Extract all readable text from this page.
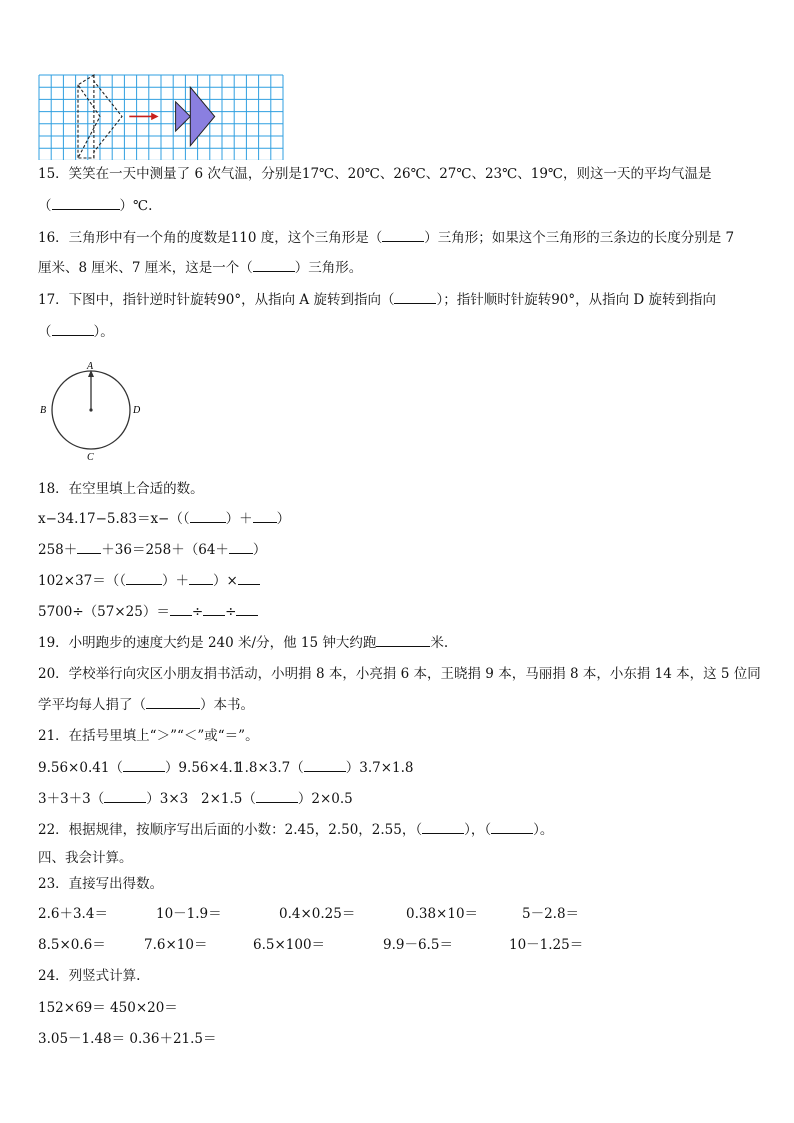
15．笑笑在一天中测量了 6 次气温，分别是17℃、20℃、26℃、27℃、23℃、19℃，则这一天的平均气温是
（	）℃.
16．三角形中有一个角的度数是110 度，这个三角形是（	）三角形；如果这个三角形的三条边的长度分别是 7
厘米、8 厘米、7 厘米，这是一个（	）三角形。
17．下图中，指针逆时针旋转90°，从指向 A 旋转到指向（	）；指针顺时针旋转90°，从指向 D 旋转到指向
（	）。
A
B	D
C
18．在空里填上合适的数。
x−34.17−5.83＝x−（（	）＋ ）
258＋ ＋36＝258＋（64＋ ）
102×37＝（（	）＋ ）×
5700÷（57×25）＝ ÷ ÷
19．小明跑步的速度大约是 240 米/分，他 15 钟大约跑	米.
20．学校举行向灾区小朋友捐书活动，小明捐 8 本，小亮捐 6 本，王晓捐 9 本，马丽捐 8 本，小东捐 14 本，这 5 位同
学平均每人捐了（	）本书。
21．在括号里填上“＞”“＜”或“＝”。
9.56×0.41（	）9.56×4.1
1.8×3.7（	）3.7×1.8
3＋3＋3（	）3×3 2×1.5（	）2×0.5
22．根据规律，按顺序写出后面的小数：2.45，2.50，2.55，（	），（	）。
四、我会计算。
23．直接写出得数。
2.6＋3.4＝	10－1.9＝	0.4×0.25＝	0.38×10＝	5－2.8＝
8.5×0.6＝	7.6×10＝	6.5×100＝	9.9－6.5＝	10－1.25＝
24．列竖式计算.
152×69＝ 450×20＝
3.05－1.48＝ 0.36＋21.5＝
